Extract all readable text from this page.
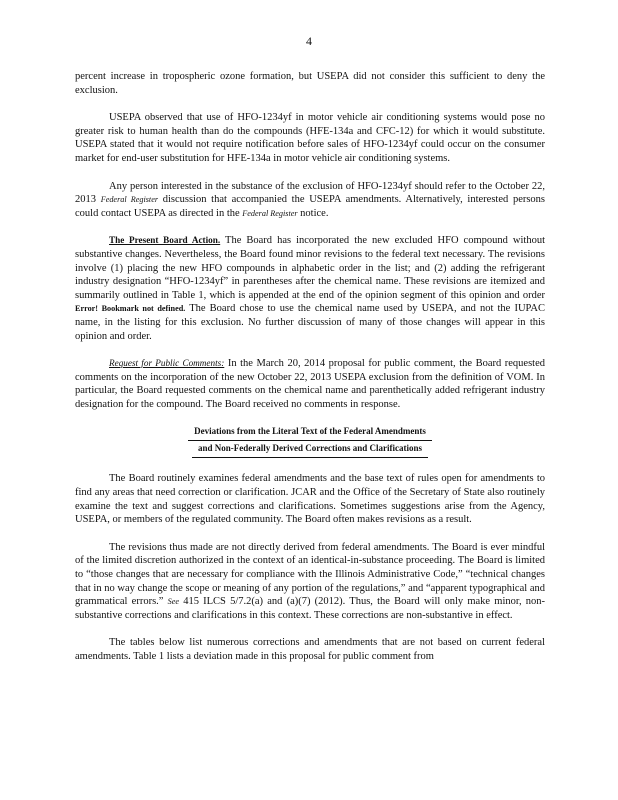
4

percent increase in tropospheric ozone formation, but USEPA did not consider this sufficient to deny the exclusion.

USEPA observed that use of HFO-1234yf in motor vehicle air conditioning systems would pose no greater risk to human health than do the compounds (HFE-134a and CFC-12) for which it would substitute. USEPA stated that it would not require notification before sales of HFO-1234yf could occur on the consumer market for end-user substitution for HFE-134a in motor vehicle air conditioning systems.

Any person interested in the substance of the exclusion of HFO-1234yf should refer to the October 22, 2013 Federal Register discussion that accompanied the USEPA amendments. Alternatively, interested persons could contact USEPA as directed in the Federal Register notice.

The Present Board Action. The Board has incorporated the new excluded HFO compound without substantive changes. Nevertheless, the Board found minor revisions to the federal text necessary. The revisions involve (1) placing the new HFO compounds in alphabetic order in the list; and (2) adding the refrigerant industry designation “HFO-1234yf” in parentheses after the chemical name. These revisions are itemized and summarily outlined in Table 1, which is appended at the end of the opinion segment of this opinion and order Error! Bookmark not defined. The Board chose to use the chemical name used by USEPA, and not the IUPAC name, in the listing for this exclusion. No further discussion of many of those changes will appear in this opinion and order.

Request for Public Comments: In the March 20, 2014 proposal for public comment, the Board requested comments on the incorporation of the new October 22, 2013 USEPA exclusion from the definition of VOM. In particular, the Board requested comments on the chemical name and parenthetically added refrigerant industry designation for the compound. The Board received no comments in response.

Deviations from the Literal Text of the Federal Amendments
and Non-Federally Derived Corrections and Clarifications

The Board routinely examines federal amendments and the base text of rules open for amendments to find any areas that need correction or clarification. JCAR and the Office of the Secretary of State also routinely examine the text and suggest corrections and clarifications. Sometimes suggestions arise from the Agency, USEPA, or members of the regulated community. The Board often makes revisions as a result.

The revisions thus made are not directly derived from federal amendments. The Board is ever mindful of the limited discretion authorized in the context of an identical-in-substance proceeding. The Board is limited to “those changes that are necessary for compliance with the Illinois Administrative Code,” “technical changes that in no way change the scope or meaning of any portion of the regulations,” and “apparent typographical and grammatical errors.” See 415 ILCS 5/7.2(a) and (a)(7) (2012). Thus, the Board will only make minor, non-substantive corrections and clarifications in this context. These corrections are non-substantive in effect.

The tables below list numerous corrections and amendments that are not based on current federal amendments. Table 1 lists a deviation made in this proposal for public comment from
